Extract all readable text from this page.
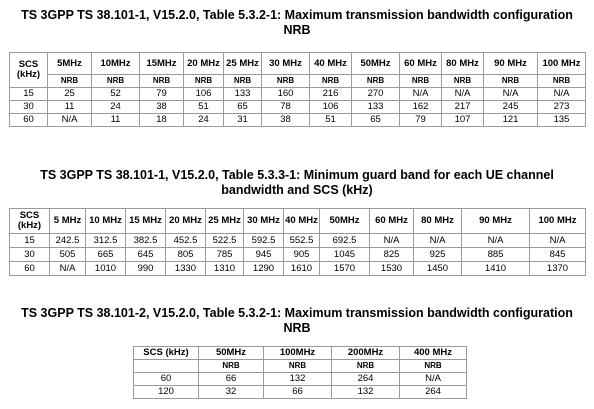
TS 3GPP TS 38.101-1, V15.2.0, Table 5.3.2-1: Maximum transmission bandwidth configuration
NRB
SCS
(kHz)	5MHz	10MHz	15MHz	20 MHz	25 MHz	30 MHz	40 MHz	50MHz	60 MHz	80 MHz	90 MHz	100 MHz
	NRB	NRB	NRB	NRB	NRB	NRB	NRB	NRB	NRB	NRB	NRB	NRB
15	25	52	79	106	133	160	216	270	N/A	N/A	N/A	N/A
30	11	24	38	51	65	78	106	133	162	217	245	273
60	N/A	11	18	24	31	38	51	65	79	107	121	135
TS 3GPP TS 38.101-1, V15.2.0, Table 5.3.3-1: Minimum guard band for each UE channel
bandwidth and SCS (kHz)
SCS
(kHz)	5 MHz	10 MHz	15 MHz	20 MHz	25 MHz	30 MHz	40 MHz	50MHz	60 MHz	80 MHz	90 MHz	100 MHz
15	242.5	312.5	382.5	452.5	522.5	592.5	552.5	692.5	N/A	N/A	N/A	N/A
30	505	665	645	805	785	945	905	1045	825	925	885	845
60	N/A	1010	990	1330	1310	1290	1610	1570	1530	1450	1410	1370
TS 3GPP TS 38.101-2, V15.2.0, Table 5.3.2-1: Maximum transmission bandwidth configuration
NRB
SCS (kHz)	50MHz	100MHz	200MHz	400 MHz
	NRB	NRB	NRB	NRB
60	66	132	264	N/A
120	32	66	132	264
